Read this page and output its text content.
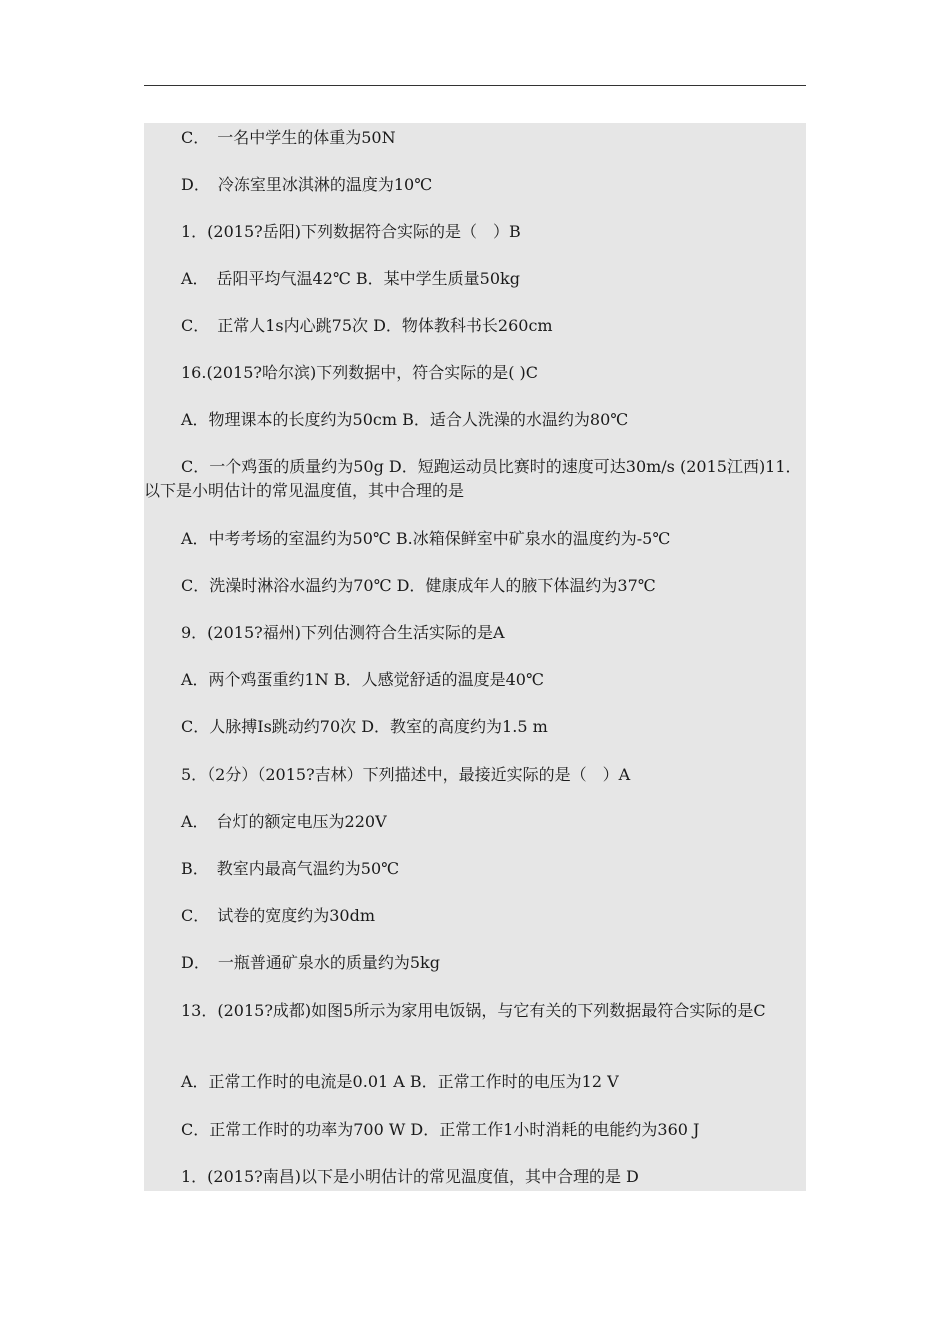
C．　一名中学生的体重为50N
D．　冷冻室里冰淇淋的温度为10℃
1．(2015?岳阳)下列数据符合实际的是（　）B
A．　岳阳平均气温42℃ B．某中学生质量50kg
C．　正常人1s内心跳75次 D．物体教科书长260cm
16.(2015?哈尔滨)下列数据中，符合实际的是( )C
A．物理课本的长度约为50cm B．适合人洗澡的水温约为80℃
C．一个鸡蛋的质量约为50g D．短跑运动员比赛时的速度可达30m/s (2015江西)11．以下是小明估计的常见温度值，其中合理的是
A．中考考场的室温约为50℃ B.冰箱保鲜室中矿泉水的温度约为-5℃
C．洗澡时淋浴水温约为70℃ D．健康成年人的腋下体温约为37℃
9．(2015?福州)下列估测符合生活实际的是A
A．两个鸡蛋重约1N B．人感觉舒适的温度是40℃
C．人脉搏Is跳动约70次 D．教室的高度约为1.5 m
5．（2分）（2015?吉林）下列描述中，最接近实际的是（　）A
A．　台灯的额定电压为220V
B．　教室内最高气温约为50℃
C．　试卷的宽度约为30dm
D．　一瓶普通矿泉水的质量约为5kg
13．(2015?成都)如图5所示为家用电饭锅，与它有关的下列数据最符合实际的是C
A．正常工作时的电流是0.01 A B．正常工作时的电压为12 V
C．正常工作时的功率为700 W D．正常工作1小时消耗的电能约为360 J
1．(2015?南昌)以下是小明估计的常见温度值，其中合理的是 D
